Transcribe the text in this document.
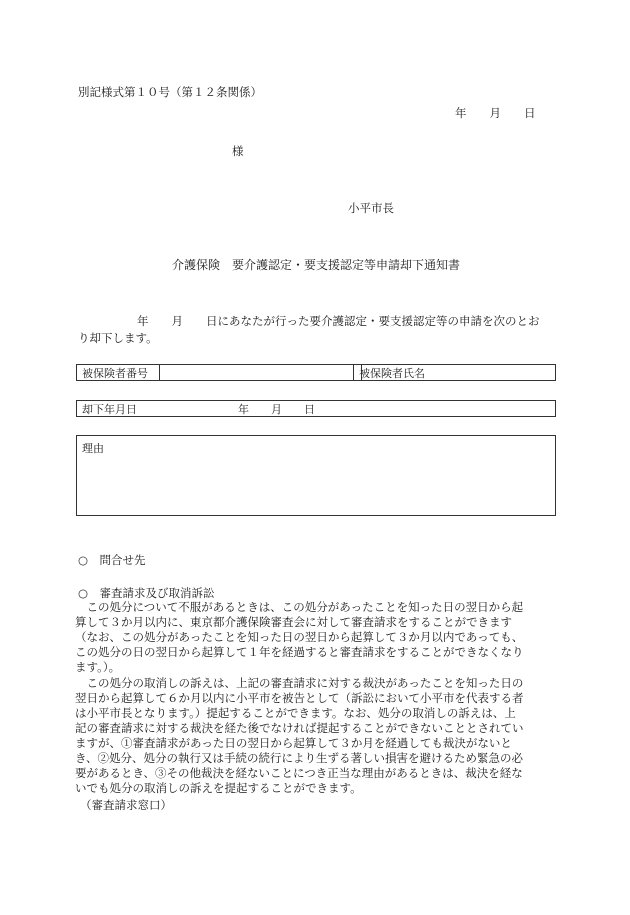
別記様式第１０号（第１２条関係）
年　　月　　日
様
小平市長
介護保険　要介護認定・要支援認定等申請却下通知書
年　　月　　日にあなたが行った要介護認定・要支援認定等の申請を次のとお
り却下します。
被保険者番号	被保険者氏名
却下年月日	年　　月　　日
理由
○　問合せ先
○　審査請求及び取消訴訟

この処分について不服があるときは、この処分があったことを知った日の翌日から起

算して３か月以内に、東京都介護保険審査会に対して審査請求をすることができます

（なお、この処分があったことを知った日の翌日から起算して３か月以内であっても、

この処分の日の翌日から起算して１年を経過すると審査請求をすることができなくなり

ます。）。

この処分の取消しの訴えは、上記の審査請求に対する裁決があったことを知った日の

翌日から起算して６か月以内に小平市を被告として（訴訟において小平市を代表する者

は小平市長となります。）提起することができます。なお、処分の取消しの訴えは、上

記の審査請求に対する裁決を経た後でなければ提起することができないこととされてい

ますが、①審査請求があった日の翌日から起算して３か月を経過しても裁決がないと

き、②処分、処分の執行又は手続の続行により生ずる著しい損害を避けるため緊急の必

要があるとき、③その他裁決を経ないことにつき正当な理由があるときは、裁決を経な

いでも処分の取消しの訴えを提起することができます。

（審査請求窓口）
